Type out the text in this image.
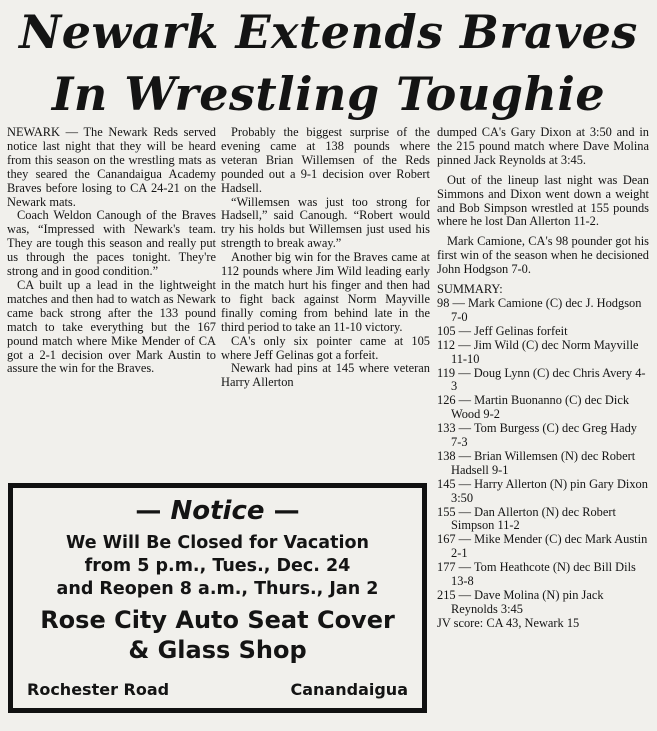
Newark Extends Braves
In Wrestling Toughie

NEWARK — The Newark Reds served notice last night that they will be heard from this season on the wrestling mats as they seared the Canandaigua Academy Braves before losing to CA 24-21 on the Newark mats.

Coach Weldon Canough of the Braves was, “Impressed with Newark's team. They are tough this season and really put us through the paces tonight. They're strong and in good condition.”

CA built up a lead in the lightweight matches and then had to watch as Newark came back strong after the 133 pound match to take everything but the 167 pound match where Mike Mender of CA got a 2-1 decision over Mark Austin to assure the win for the Braves.

Probably the biggest surprise of the evening came at 138 pounds where veteran Brian Willemsen of the Reds pounded out a 9-1 decision over Robert Hadsell.

“Willemsen was just too strong for Hadsell,” said Canough. “Robert would try his holds but Willemsen just used his strength to break away.”

Another big win for the Braves came at 112 pounds where Jim Wild leading early in the match hurt his finger and then had to fight back against Norm Mayville finally coming from behind late in the third period to take an 11-10 victory.

CA's only six pointer came at 105 where Jeff Gelinas got a forfeit.

Newark had pins at 145 where veteran Harry Allerton

dumped CA's Gary Dixon at 3:50 and in the 215 pound match where Dave Molina pinned Jack Reynolds at 3:45.

Out of the lineup last night was Dean Simmons and Dixon went down a weight and Bob Simpson wrestled at 155 pounds where he lost Dan Allerton 11-2.

Mark Camione, CA's 98 pounder got his first win of the season when he decisioned John Hodgson 7-0.

SUMMARY:

98 — Mark Camione (C) dec J. Hodgson 7-0
105 — Jeff Gelinas forfeit
112 — Jim Wild (C) dec Norm Mayville 11-10
119 — Doug Lynn (C) dec Chris Avery 4-3
126 — Martin Buonanno (C) dec Dick Wood 9-2
133 — Tom Burgess (C) dec Greg Hady 7-3
138 — Brian Willemsen (N) dec Robert Hadsell 9-1
145 — Harry Allerton (N) pin Gary Dixon 3:50
155 — Dan Allerton (N) dec Robert Simpson 11-2
167 — Mike Mender (C) dec Mark Austin 2-1
177 — Tom Heathcote (N) dec Bill Dils 13-8
215 — Dave Molina (N) pin Jack Reynolds 3:45

JV score: CA 43, Newark 15

— Notice —
We Will Be Closed for Vacation
from 5 p.m., Tues., Dec. 24
and Reopen 8 a.m., Thurs., Jan 2
Rose City Auto Seat Cover
& Glass Shop
Rochester Road	Canandaigua
